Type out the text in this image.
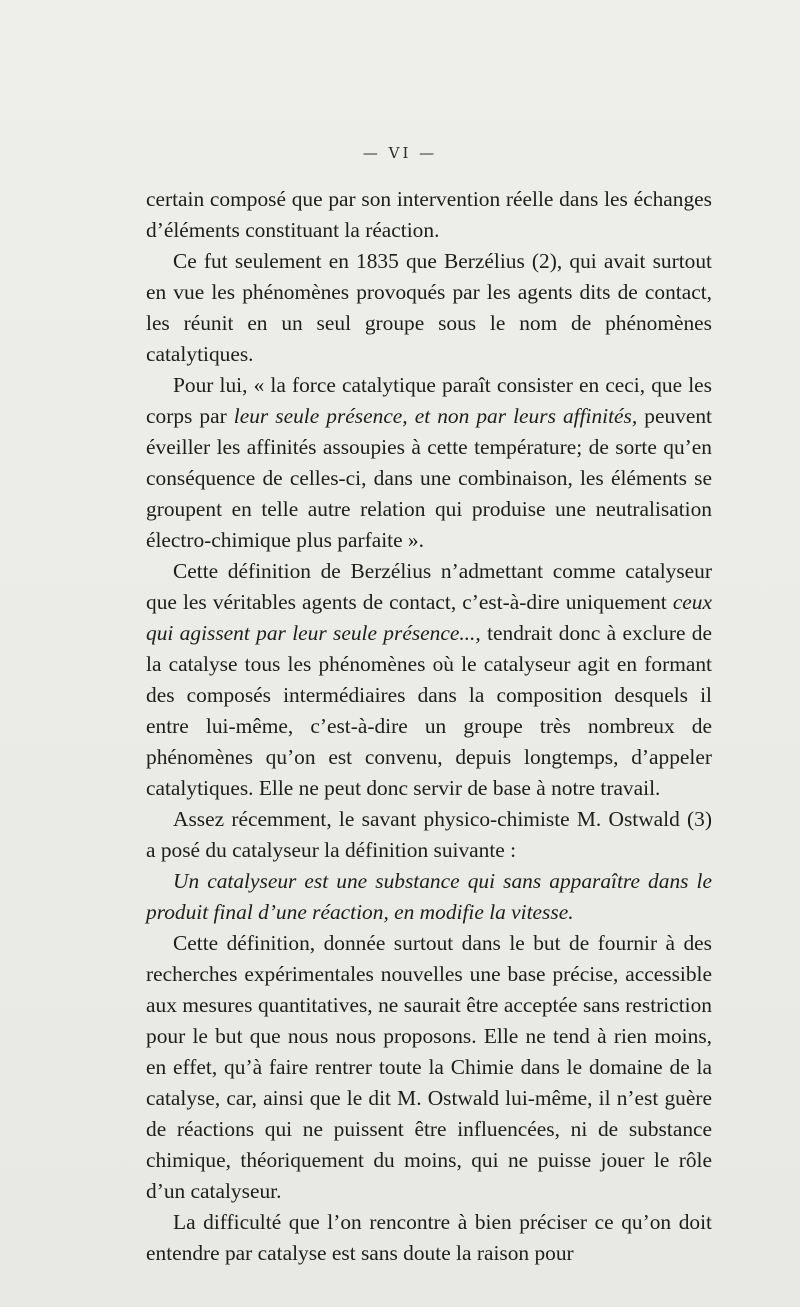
— VI —

certain composé que par son intervention réelle dans les échanges d’éléments constituant la réaction.

Ce fut seulement en 1835 que Berzélius (2), qui avait surtout en vue les phénomènes provoqués par les agents dits de contact, les réunit en un seul groupe sous le nom de phénomènes catalytiques.

Pour lui, « la force catalytique paraît consister en ceci, que les corps par leur seule présence, et non par leurs affinités, peuvent éveiller les affinités assoupies à cette température; de sorte qu’en conséquence de celles-ci, dans une combinaison, les éléments se groupent en telle autre relation qui produise une neutralisation électro-chimique plus parfaite ».

Cette définition de Berzélius n’admettant comme catalyseur que les véritables agents de contact, c’est-à-dire uniquement ceux qui agissent par leur seule présence..., tendrait donc à exclure de la catalyse tous les phénomènes où le catalyseur agit en formant des composés intermédiaires dans la composition desquels il entre lui-même, c’est-à-dire un groupe très nombreux de phénomènes qu’on est convenu, depuis longtemps, d’appeler catalytiques. Elle ne peut donc servir de base à notre travail.

Assez récemment, le savant physico-chimiste M. Ostwald (3) a posé du catalyseur la définition suivante :

Un catalyseur est une substance qui sans apparaître dans le produit final d’une réaction, en modifie la vitesse.

Cette définition, donnée surtout dans le but de fournir à des recherches expérimentales nouvelles une base précise, accessible aux mesures quantitatives, ne saurait être acceptée sans restriction pour le but que nous nous proposons. Elle ne tend à rien moins, en effet, qu’à faire rentrer toute la Chimie dans le domaine de la catalyse, car, ainsi que le dit M. Ostwald lui-même, il n’est guère de réactions qui ne puissent être influencées, ni de substance chimique, théoriquement du moins, qui ne puisse jouer le rôle d’un catalyseur.

La difficulté que l’on rencontre à bien préciser ce qu’on doit entendre par catalyse est sans doute la raison pour
